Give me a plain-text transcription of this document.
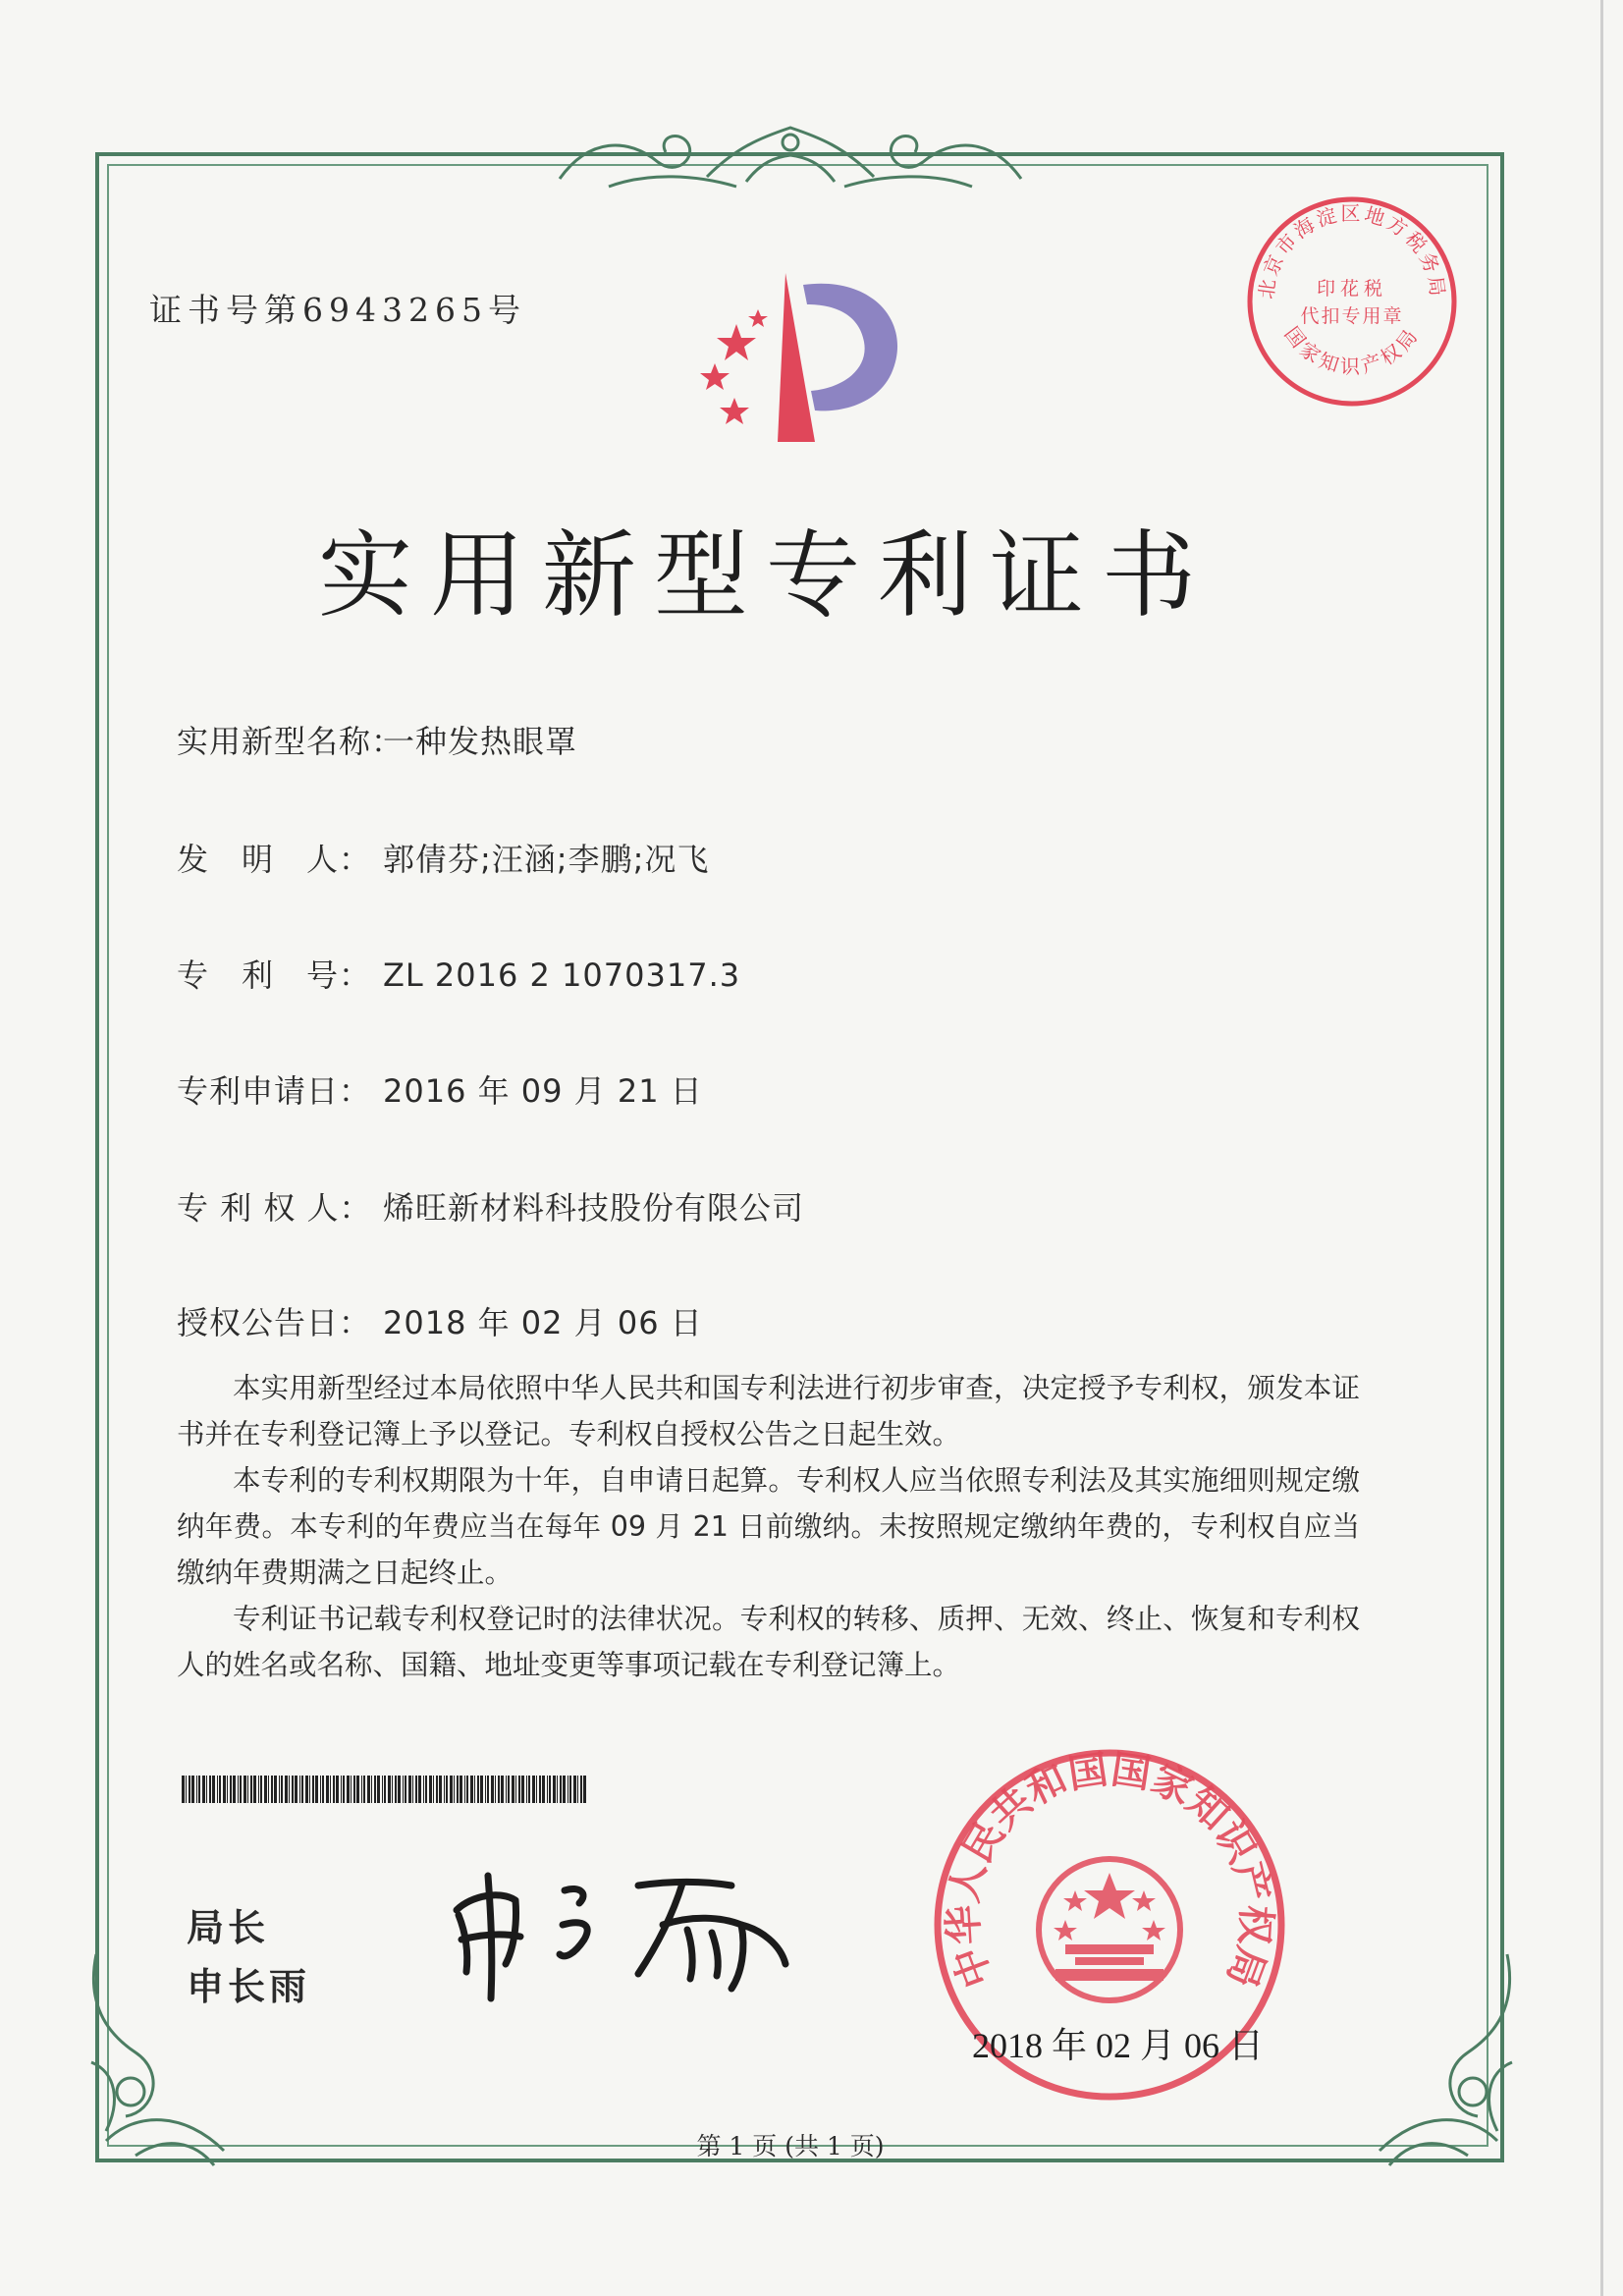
证书号第6943265号
北京市海淀区地方税务局
国家知识产权局
印花税
代扣专用章
实用新型专利证书
实用新型名称：一种发热眼罩
发　明　人： 郭倩芬;汪涵;李鹏;况飞
专　利　号： ZL 2016 2 1070317.3
专利申请日： 2016 年 09 月 21 日
专 利 权 人： 烯旺新材料科技股份有限公司
授权公告日： 2018 年 02 月 06 日

本实用新型经过本局依照中华人民共和国专利法进行初步审查，决定授予专利权，颁发本证书并在专利登记簿上予以登记。专利权自授权公告之日起生效。

本专利的专利权期限为十年，自申请日起算。专利权人应当依照专利法及其实施细则规定缴纳年费。本专利的年费应当在每年 09 月 21 日前缴纳。未按照规定缴纳年费的，专利权自应当缴纳年费期满之日起终止。

专利证书记载专利权登记时的法律状况。专利权的转移、质押、无效、终止、恢复和专利权人的姓名或名称、国籍、地址变更等事项记载在专利登记簿上。

局长
申长雨	中华人民共和国国家知识产权局
2018 年 02 月 06 日
第 1 页 (共 1 页)
